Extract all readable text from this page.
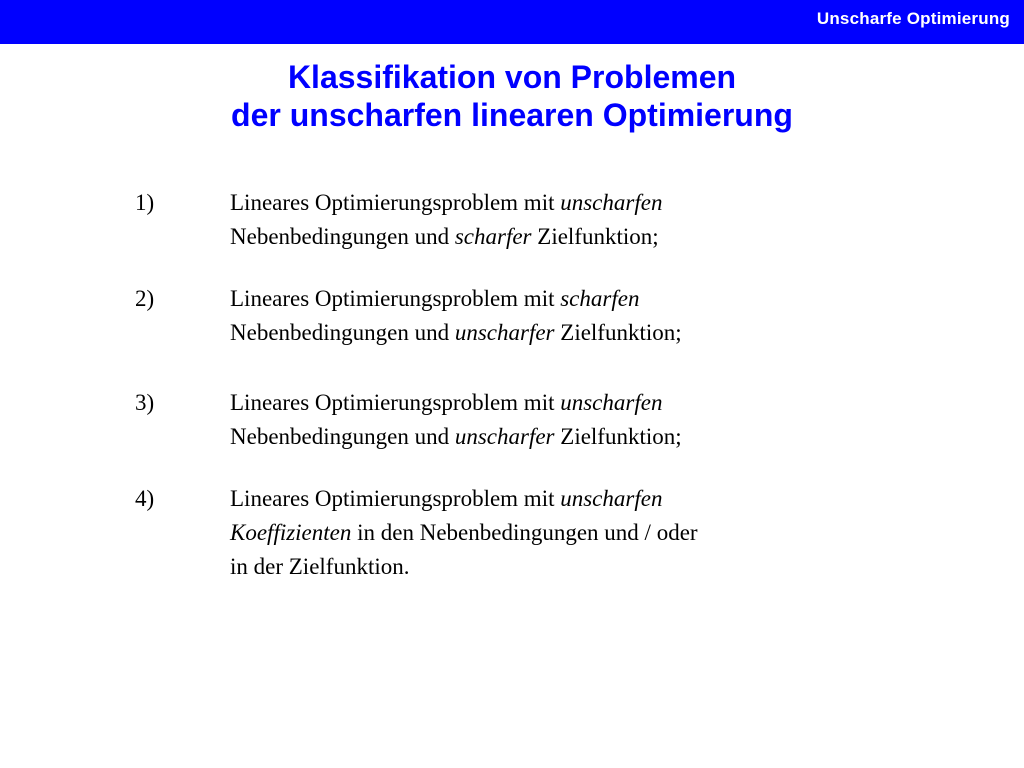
Unscharfe Optimierung
Klassifikation von Problemen
der unscharfen linearen Optimierung
1)	Lineares Optimierungsproblem mit unscharfen
Nebenbedingungen und scharfer Zielfunktion;
2)	Lineares Optimierungsproblem mit scharfen
Nebenbedingungen und unscharfer Zielfunktion;
3)	Lineares Optimierungsproblem mit unscharfen
Nebenbedingungen und unscharfer Zielfunktion;
4)	Lineares Optimierungsproblem mit unscharfen
Koeffizienten in den Nebenbedingungen und / oder
in der Zielfunktion.
